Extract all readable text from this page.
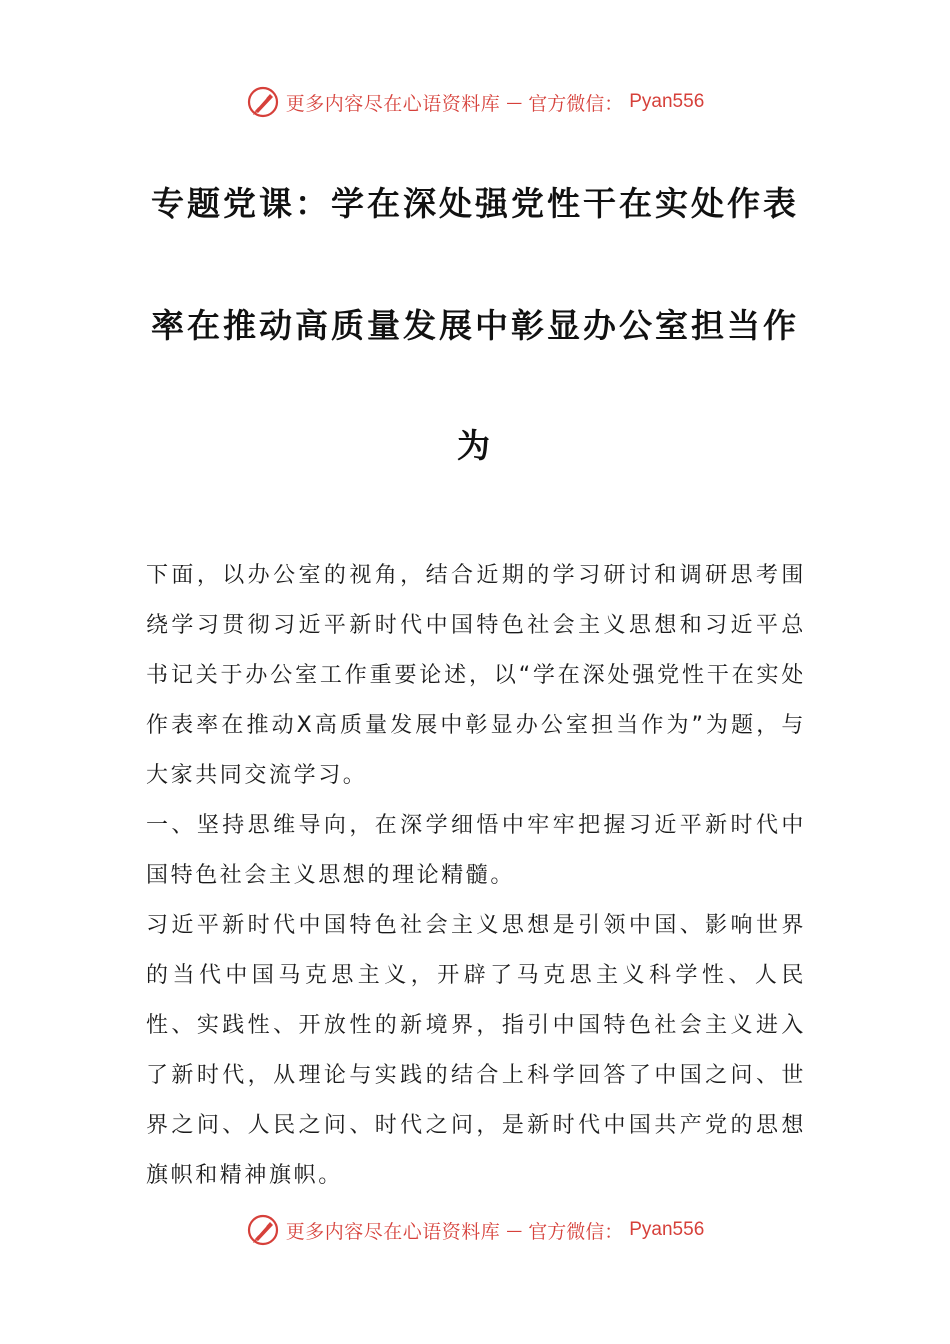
更多内容尽在心语资料库 — 官方微信： Pyan556
专题党课：学在深处强党性干在实处作表
率在推动高质量发展中彰显办公室担当作
为

下面，以办公室的视角，结合近期的学习研讨和调研思考围绕学习贯彻习近平新时代中国特色社会主义思想和习近平总书记关于办公室工作重要论述，以“学在深处强党性干在实处作表率在推动X高质量发展中彰显办公室担当作为”为题，与大家共同交流学习。

一、坚持思维导向，在深学细悟中牢牢把握习近平新时代中国特色社会主义思想的理论精髓。

习近平新时代中国特色社会主义思想是引领中国、影响世界的当代中国马克思主义，开辟了马克思主义科学性、人民性、实践性、开放性的新境界，指引中国特色社会主义进入了新时代，从理论与实践的结合上科学回答了中国之问、世界之问、人民之问、时代之问，是新时代中国共产党的思想旗帜和精神旗帜。

更多内容尽在心语资料库 — 官方微信： Pyan556
